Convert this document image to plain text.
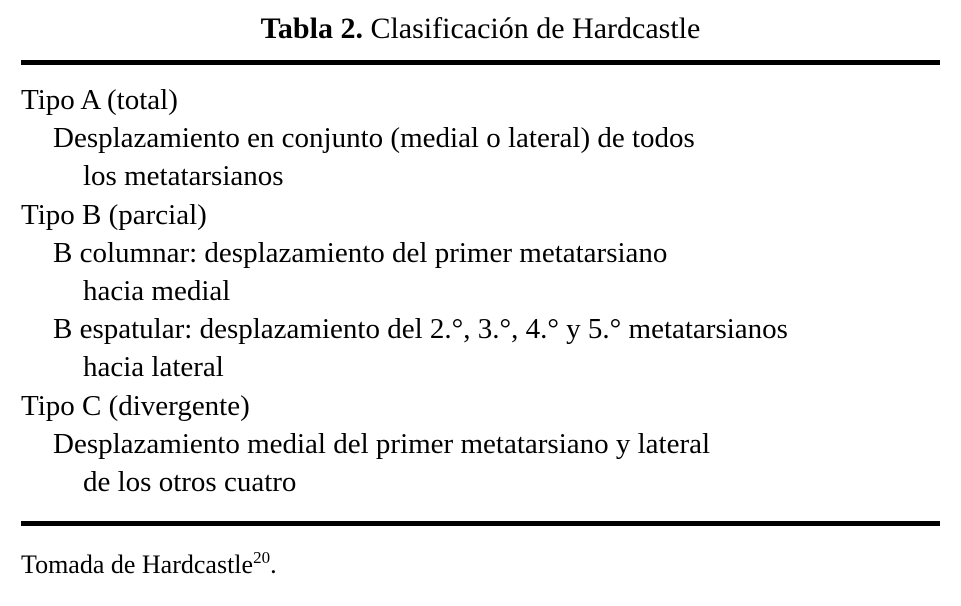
Tabla 2. Clasificación de Hardcastle
Tipo A (total)
Desplazamiento en conjunto (medial o lateral) de todos
los metatarsianos
Tipo B (parcial)
B columnar: desplazamiento del primer metatarsiano
hacia medial
B espatular: desplazamiento del 2.°, 3.°, 4.° y 5.° metatarsianos
hacia lateral
Tipo C (divergente)
Desplazamiento medial del primer metatarsiano y lateral
de los otros cuatro
Tomada de Hardcastle$^{20}$.
